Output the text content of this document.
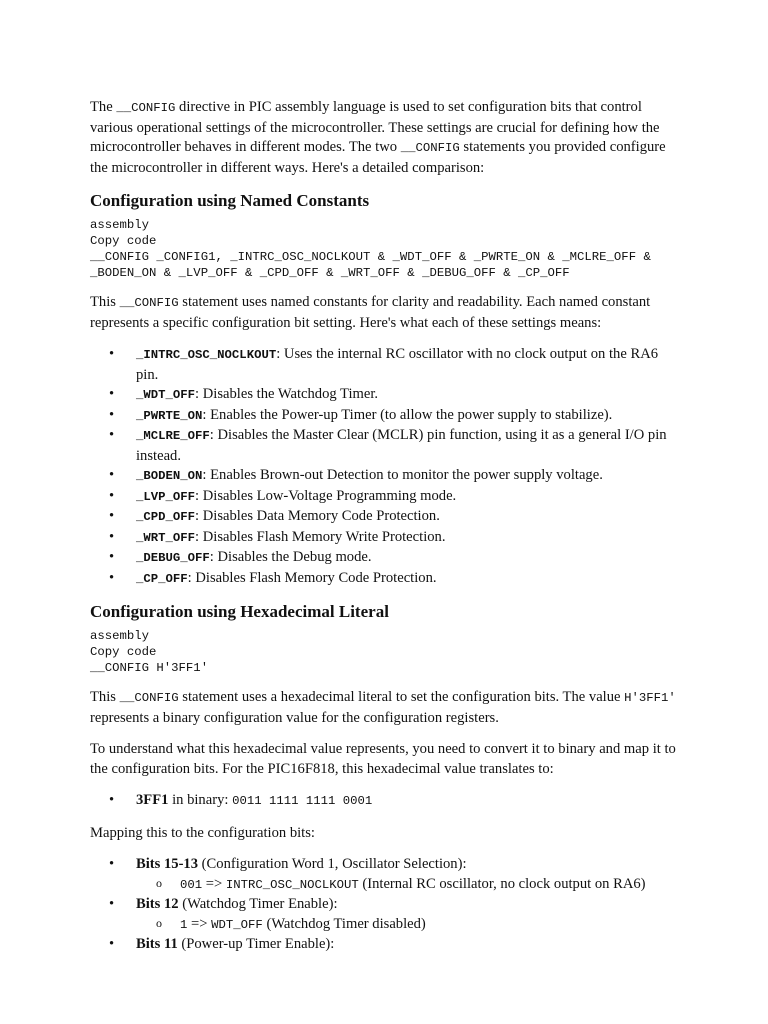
The __CONFIG directive in PIC assembly language is used to set configuration bits that control various operational settings of the microcontroller. These settings are crucial for defining how the microcontroller behaves in different modes. The two __CONFIG statements you provided configure the microcontroller in different ways. Here's a detailed comparison:

Configuration using Named Constants
assembly
Copy code
__CONFIG _CONFIG1, _INTRC_OSC_NOCLKOUT & _WDT_OFF & _PWRTE_ON & _MCLRE_OFF &
_BODEN_ON & _LVP_OFF & _CPD_OFF & _WRT_OFF & _DEBUG_OFF & _CP_OFF

This __CONFIG statement uses named constants for clarity and readability. Each named constant represents a specific configuration bit setting. Here's what each of these settings means:

• _INTRC_OSC_NOCLKOUT: Uses the internal RC oscillator with no clock output on the RA6 pin.
• _WDT_OFF: Disables the Watchdog Timer.
• _PWRTE_ON: Enables the Power-up Timer (to allow the power supply to stabilize).
• _MCLRE_OFF: Disables the Master Clear (MCLR) pin function, using it as a general I/O pin instead.
• _BODEN_ON: Enables Brown-out Detection to monitor the power supply voltage.
• _LVP_OFF: Disables Low-Voltage Programming mode.
• _CPD_OFF: Disables Data Memory Code Protection.
• _WRT_OFF: Disables Flash Memory Write Protection.
• _DEBUG_OFF: Disables the Debug mode.
• _CP_OFF: Disables Flash Memory Code Protection.
Configuration using Hexadecimal Literal
assembly
Copy code
__CONFIG H'3FF1'

This __CONFIG statement uses a hexadecimal literal to set the configuration bits. The value H'3FF1' represents a binary configuration value for the configuration registers.

To understand what this hexadecimal value represents, you need to convert it to binary and map it to the configuration bits. For the PIC16F818, this hexadecimal value translates to:

• 3FF1 in binary: 0011 1111 1111 0001

Mapping this to the configuration bits:

• Bits 15-13 (Configuration Word 1, Oscillator Selection):
o 001 => INTRC_OSC_NOCLKOUT (Internal RC oscillator, no clock output on RA6)
• Bits 12 (Watchdog Timer Enable):
o 1 => WDT_OFF (Watchdog Timer disabled)
• Bits 11 (Power-up Timer Enable):
